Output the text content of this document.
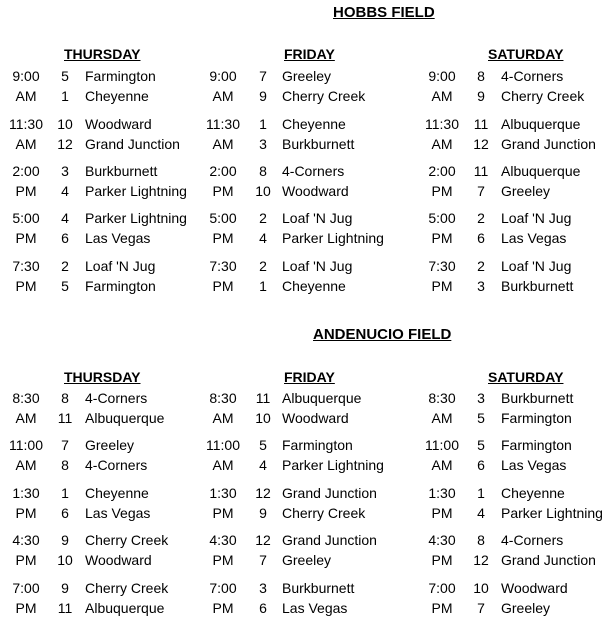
HOBBS FIELD
THURSDAY
9:00	5	Farmington
AM	1	Cheyenne
11:30 10 Woodward
AM	12 Grand Junction
2:00	3	Burkburnett
PM	4	Parker Lightning
5:00	4	Parker Lightning
PM	6	Las Vegas
7:30	2	Loaf 'N Jug
PM	5	Farmington
FRIDAY
9:00	7	Greeley
AM	9	Cherry Creek
11:30	1	Cheyenne
AM	3	Burkburnett
2:00	8	4-Corners
PM	10 Woodward
5:00	2	Loaf 'N Jug
PM	4	Parker Lightning
7:30	2	Loaf 'N Jug
PM	1	Cheyenne
SATURDAY
9:00	8	4-Corners
AM	9	Cherry Creek
11:30 11 Albuquerque
AM	12 Grand Junction
2:00	11 Albuquerque
PM	7	Greeley
5:00	2	Loaf 'N Jug
PM	6	Las Vegas
7:30	2	Loaf 'N Jug
PM	3	Burkburnett
ANDENUCIO FIELD
THURSDAY
8:30	8	4-Corners
AM	11 Albuquerque
11:00	7	Greeley
AM	8	4-Corners
1:30	1	Cheyenne
PM	6	Las Vegas
4:30	9	Cherry Creek
PM	10 Woodward
7:00	9	Cherry Creek
PM	11 Albuquerque
FRIDAY
8:30	11 Albuquerque
AM	10 Woodward
11:00	5	Farmington
AM	4	Parker Lightning
1:30	12 Grand Junction
PM	9	Cherry Creek
4:30	12 Grand Junction
PM	7	Greeley
7:00	3	Burkburnett
PM	6	Las Vegas
SATURDAY
8:30	3	Burkburnett
AM	5	Farmington
11:00	5	Farmington
AM	6	Las Vegas
1:30	1	Cheyenne
PM	4	Parker Lightning
4:30	8	4-Corners
PM	12 Grand Junction
7:00	10 Woodward
PM	7	Greeley
